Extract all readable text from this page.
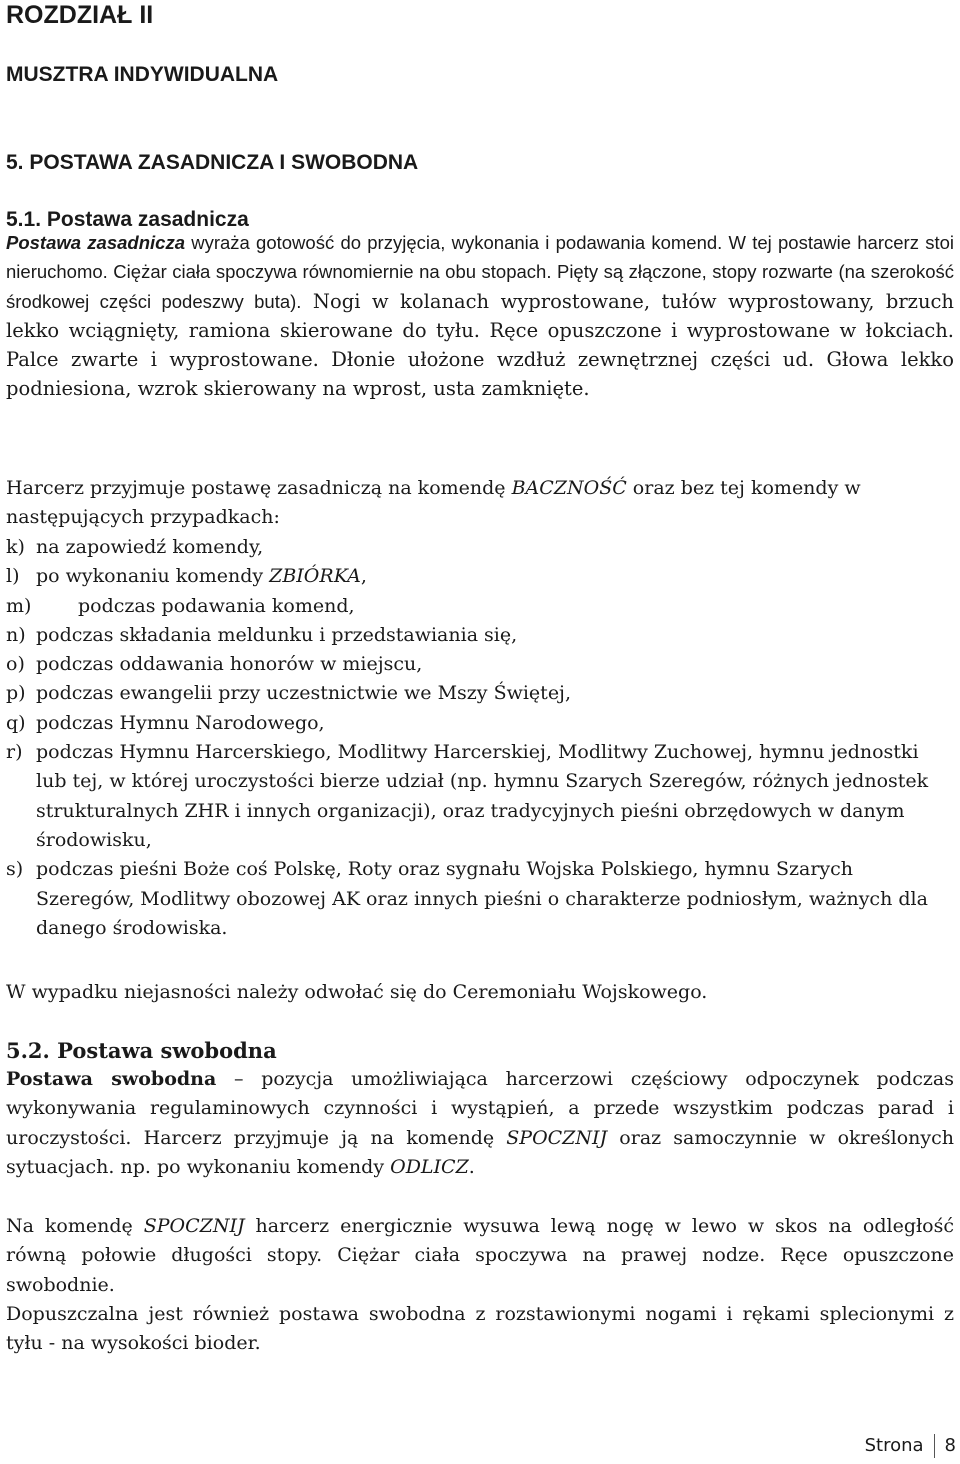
ROZDZIAŁ II
MUSZTRA INDYWIDUALNA
5. POSTAWA ZASADNICZA I SWOBODNA
5.1. Postawa zasadnicza
Postawa zasadnicza wyraża gotowość do przyjęcia, wykonania i podawania komend. W tej postawie harcerz stoi nieruchomo. Ciężar ciała spoczywa równomiernie na obu stopach. Pięty są złączone, stopy rozwarte (na szerokość środkowej części podeszwy buta). Nogi w kolanach wyprostowane, tułów wyprostowany, brzuch lekko wciągnięty, ramiona skierowane do tyłu. Ręce opuszczone i wyprostowane w łokciach. Palce zwarte i wyprostowane. Dłonie ułożone wzdłuż zewnętrznej części ud. Głowa lekko podniesiona, wzrok skierowany na wprost, usta zamknięte.
Harcerz przyjmuje postawę zasadniczą na komendę BACZNOŚĆ oraz bez tej komendy w następujących przypadkach:
k) na zapowiedź komendy,
l) po wykonaniu komendy ZBIÓRKA,
m)	podczas podawania komend,
n) podczas składania meldunku i przedstawiania się,
o) podczas oddawania honorów w miejscu,
p) podczas ewangelii przy uczestnictwie we Mszy Świętej,
q) podczas Hymnu Narodowego,
r) podczas Hymnu Harcerskiego, Modlitwy Harcerskiej, Modlitwy Zuchowej, hymnu jednostki lub tej, w której uroczystości bierze udział (np. hymnu Szarych Szeregów, różnych jednostek strukturalnych ZHR i innych organizacji), oraz tradycyjnych pieśni obrzędowych w danym środowisku,
s) podczas pieśni Boże coś Polskę, Roty oraz sygnału Wojska Polskiego, hymnu Szarych Szeregów, Modlitwy obozowej AK oraz innych pieśni o charakterze podniosłym, ważnych dla danego środowiska.
W wypadku niejasności należy odwołać się do Ceremoniału Wojskowego.
5.2. Postawa swobodna
Postawa swobodna – pozycja umożliwiająca harcerzowi częściowy odpoczynek podczas wykonywania regulaminowych czynności i wystąpień, a przede wszystkim podczas parad i uroczystości. Harcerz przyjmuje ją na komendę SPOCZNIJ oraz samoczynnie w określonych sytuacjach. np. po wykonaniu komendy ODLICZ.
Na komendę SPOCZNIJ harcerz energicznie wysuwa lewą nogę w lewo w skos na odległość równą połowie długości stopy. Ciężar ciała spoczywa na prawej nodze. Ręce opuszczone swobodnie.
Dopuszczalna jest również postawa swobodna z rozstawionymi nogami i rękami splecionymi z tyłu - na wysokości bioder.
Strona 8
